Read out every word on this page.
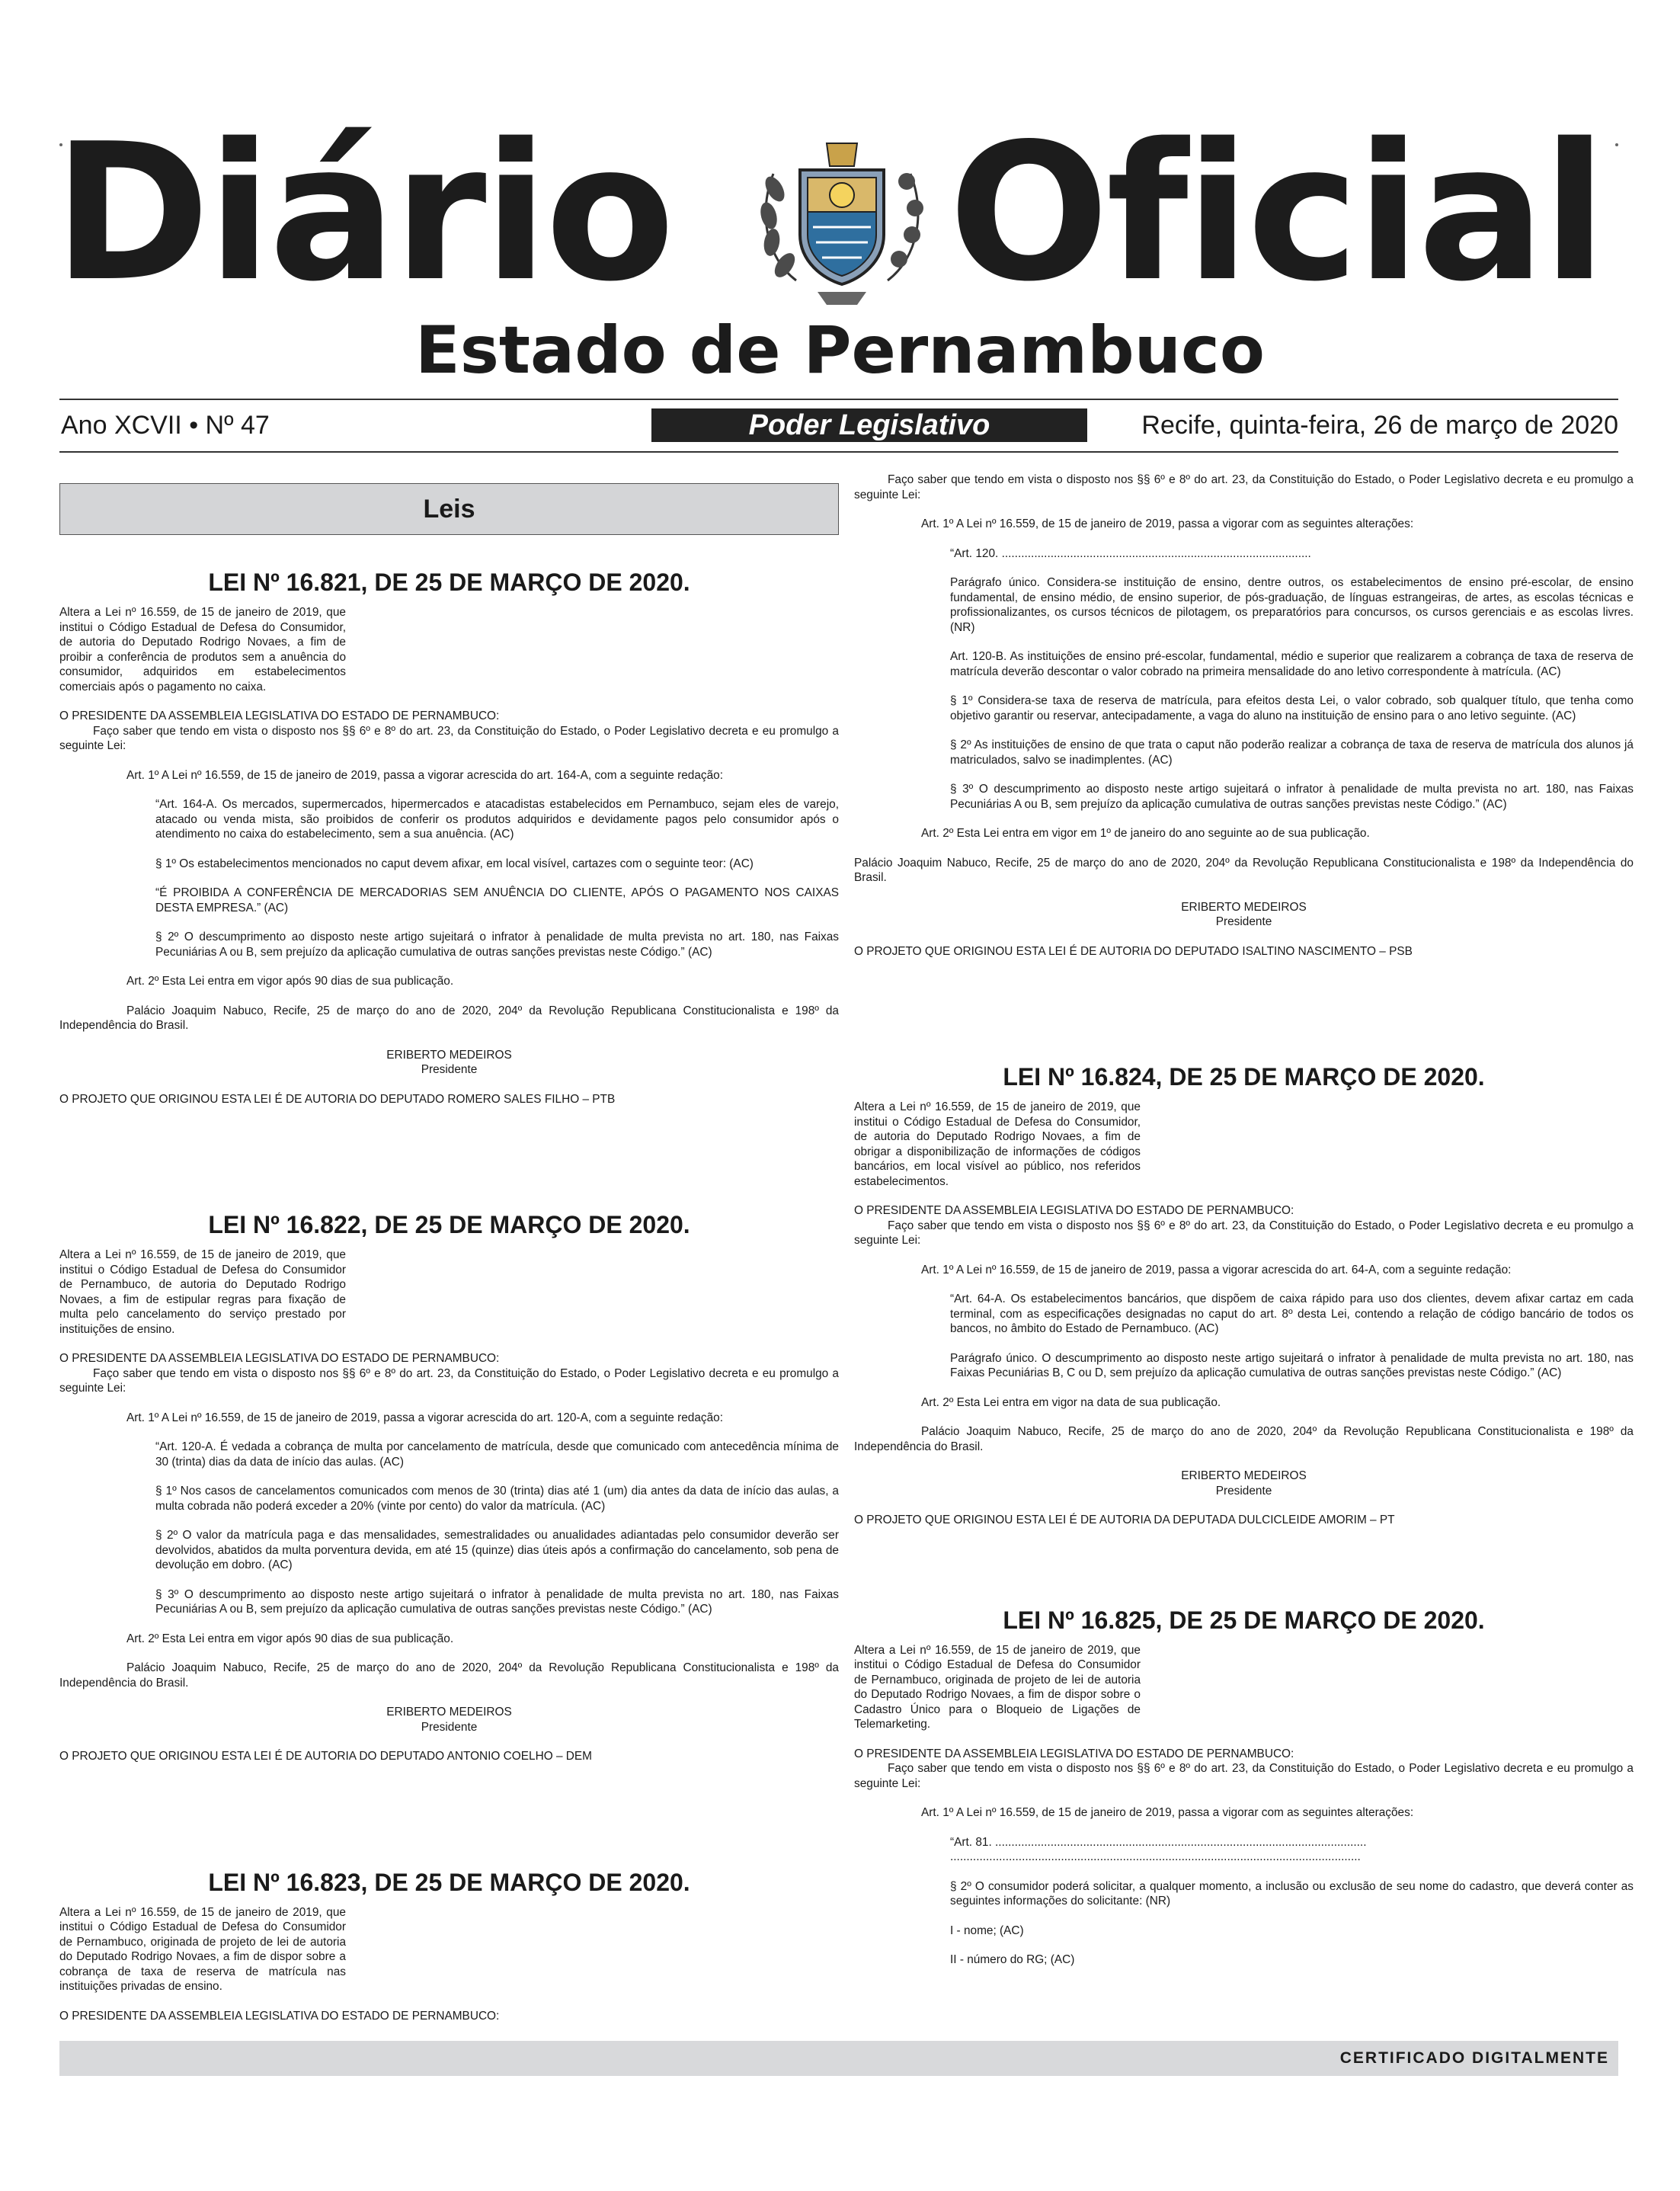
Diário Oficial
Estado de Pernambuco
Ano XCVII • Nº 47	Poder Legislativo	Recife, quinta-feira, 26 de março de 2020
Leis
LEI Nº 16.821, DE 25 DE MARÇO DE 2020.

Altera a Lei nº 16.559, de 15 de janeiro de 2019, que institui o Código Estadual de Defesa do Consumidor, de autoria do Deputado Rodrigo Novaes, a fim de proibir a conferência de produtos sem a anuência do consumidor, adquiridos em estabelecimentos comerciais após o pagamento no caixa.

O PRESIDENTE DA ASSEMBLEIA LEGISLATIVA DO ESTADO DE PERNAMBUCO:

Faço saber que tendo em vista o disposto nos §§ 6º e 8º do art. 23, da Constituição do Estado, o Poder Legislativo decreta e eu promulgo a seguinte Lei:

Art. 1º A Lei nº 16.559, de 15 de janeiro de 2019, passa a vigorar acrescida do art. 164-A, com a seguinte redação:

“Art. 164-A. Os mercados, supermercados, hipermercados e atacadistas estabelecidos em Pernambuco, sejam eles de varejo, atacado ou venda mista, são proibidos de conferir os produtos adquiridos e devidamente pagos pelo consumidor após o atendimento no caixa do estabelecimento, sem a sua anuência. (AC)

§ 1º Os estabelecimentos mencionados no caput devem afixar, em local visível, cartazes com o seguinte teor: (AC)

“É PROIBIDA A CONFERÊNCIA DE MERCADORIAS SEM ANUÊNCIA DO CLIENTE, APÓS O PAGAMENTO NOS CAIXAS DESTA EMPRESA.” (AC)

§ 2º O descumprimento ao disposto neste artigo sujeitará o infrator à penalidade de multa prevista no art. 180, nas Faixas Pecuniárias A ou B, sem prejuízo da aplicação cumulativa de outras sanções previstas neste Código.” (AC)

Art. 2º Esta Lei entra em vigor após 90 dias de sua publicação.

Palácio Joaquim Nabuco, Recife, 25 de março do ano de 2020, 204º da Revolução Republicana Constitucionalista e 198º da Independência do Brasil.

ERIBERTO MEDEIROS

Presidente

O PROJETO QUE ORIGINOU ESTA LEI É DE AUTORIA DO DEPUTADO ROMERO SALES FILHO – PTB

LEI Nº 16.822, DE 25 DE MARÇO DE 2020.

Altera a Lei nº 16.559, de 15 de janeiro de 2019, que institui o Código Estadual de Defesa do Consumidor de Pernambuco, de autoria do Deputado Rodrigo Novaes, a fim de estipular regras para fixação de multa pelo cancelamento do serviço prestado por instituições de ensino.

O PRESIDENTE DA ASSEMBLEIA LEGISLATIVA DO ESTADO DE PERNAMBUCO:

Faço saber que tendo em vista o disposto nos §§ 6º e 8º do art. 23, da Constituição do Estado, o Poder Legislativo decreta e eu promulgo a seguinte Lei:

Art. 1º A Lei nº 16.559, de 15 de janeiro de 2019, passa a vigorar acrescida do art. 120-A, com a seguinte redação:

“Art. 120-A. É vedada a cobrança de multa por cancelamento de matrícula, desde que comunicado com antecedência mínima de 30 (trinta) dias da data de início das aulas. (AC)

§ 1º Nos casos de cancelamentos comunicados com menos de 30 (trinta) dias até 1 (um) dia antes da data de início das aulas, a multa cobrada não poderá exceder a 20% (vinte por cento) do valor da matrícula. (AC)

§ 2º O valor da matrícula paga e das mensalidades, semestralidades ou anualidades adiantadas pelo consumidor deverão ser devolvidos, abatidos da multa porventura devida, em até 15 (quinze) dias úteis após a confirmação do cancelamento, sob pena de devolução em dobro. (AC)

§ 3º O descumprimento ao disposto neste artigo sujeitará o infrator à penalidade de multa prevista no art. 180, nas Faixas Pecuniárias A ou B, sem prejuízo da aplicação cumulativa de outras sanções previstas neste Código.” (AC)

Art. 2º Esta Lei entra em vigor após 90 dias de sua publicação.

Palácio Joaquim Nabuco, Recife, 25 de março do ano de 2020, 204º da Revolução Republicana Constitucionalista e 198º da Independência do Brasil.

ERIBERTO MEDEIROS

Presidente

O PROJETO QUE ORIGINOU ESTA LEI É DE AUTORIA DO DEPUTADO ANTONIO COELHO – DEM

LEI Nº 16.823, DE 25 DE MARÇO DE 2020.

Altera a Lei nº 16.559, de 15 de janeiro de 2019, que institui o Código Estadual de Defesa do Consumidor de Pernambuco, originada de projeto de lei de autoria do Deputado Rodrigo Novaes, a fim de dispor sobre a cobrança de taxa de reserva de matrícula nas instituições privadas de ensino.

O PRESIDENTE DA ASSEMBLEIA LEGISLATIVA DO ESTADO DE PERNAMBUCO:

Faço saber que tendo em vista o disposto nos §§ 6º e 8º do art. 23, da Constituição do Estado, o Poder Legislativo decreta e eu promulgo a seguinte Lei:

Art. 1º A Lei nº 16.559, de 15 de janeiro de 2019, passa a vigorar com as seguintes alterações:

“Art. 120. ...............................................................................................

Parágrafo único. Considera-se instituição de ensino, dentre outros, os estabelecimentos de ensino pré-escolar, de ensino fundamental, de ensino médio, de ensino superior, de pós-graduação, de línguas estrangeiras, de artes, as escolas técnicas e profissionalizantes, os cursos técnicos de pilotagem, os preparatórios para concursos, os cursos gerenciais e as escolas livres. (NR)

Art. 120-B. As instituições de ensino pré-escolar, fundamental, médio e superior que realizarem a cobrança de taxa de reserva de matrícula deverão descontar o valor cobrado na primeira mensalidade do ano letivo correspondente à matrícula. (AC)

§ 1º Considera-se taxa de reserva de matrícula, para efeitos desta Lei, o valor cobrado, sob qualquer título, que tenha como objetivo garantir ou reservar, antecipadamente, a vaga do aluno na instituição de ensino para o ano letivo seguinte. (AC)

§ 2º As instituições de ensino de que trata o caput não poderão realizar a cobrança de taxa de reserva de matrícula dos alunos já matriculados, salvo se inadimplentes. (AC)

§ 3º O descumprimento ao disposto neste artigo sujeitará o infrator à penalidade de multa prevista no art. 180, nas Faixas Pecuniárias A ou B, sem prejuízo da aplicação cumulativa de outras sanções previstas neste Código.” (AC)

Art. 2º Esta Lei entra em vigor em 1º de janeiro do ano seguinte ao de sua publicação.

Palácio Joaquim Nabuco, Recife, 25 de março do ano de 2020, 204º da Revolução Republicana Constitucionalista e 198º da Independência do Brasil.

ERIBERTO MEDEIROS

Presidente

O PROJETO QUE ORIGINOU ESTA LEI É DE AUTORIA DO DEPUTADO ISALTINO NASCIMENTO – PSB

LEI Nº 16.824, DE 25 DE MARÇO DE 2020.

Altera a Lei nº 16.559, de 15 de janeiro de 2019, que institui o Código Estadual de Defesa do Consumidor, de autoria do Deputado Rodrigo Novaes, a fim de obrigar a disponibilização de informações de códigos bancários, em local visível ao público, nos referidos estabelecimentos.

O PRESIDENTE DA ASSEMBLEIA LEGISLATIVA DO ESTADO DE PERNAMBUCO:

Faço saber que tendo em vista o disposto nos §§ 6º e 8º do art. 23, da Constituição do Estado, o Poder Legislativo decreta e eu promulgo a seguinte Lei:

Art. 1º A Lei nº 16.559, de 15 de janeiro de 2019, passa a vigorar acrescida do art. 64-A, com a seguinte redação:

“Art. 64-A. Os estabelecimentos bancários, que dispõem de caixa rápido para uso dos clientes, devem afixar cartaz em cada terminal, com as especificações designadas no caput do art. 8º desta Lei, contendo a relação de código bancário de todos os bancos, no âmbito do Estado de Pernambuco. (AC)

Parágrafo único. O descumprimento ao disposto neste artigo sujeitará o infrator à penalidade de multa prevista no art. 180, nas Faixas Pecuniárias B, C ou D, sem prejuízo da aplicação cumulativa de outras sanções previstas neste Código.” (AC)

Art. 2º Esta Lei entra em vigor na data de sua publicação.

Palácio Joaquim Nabuco, Recife, 25 de março do ano de 2020, 204º da Revolução Republicana Constitucionalista e 198º da Independência do Brasil.

ERIBERTO MEDEIROS

Presidente

O PROJETO QUE ORIGINOU ESTA LEI É DE AUTORIA DA DEPUTADA DULCICLEIDE AMORIM – PT

LEI Nº 16.825, DE 25 DE MARÇO DE 2020.

Altera a Lei nº 16.559, de 15 de janeiro de 2019, que institui o Código Estadual de Defesa do Consumidor de Pernambuco, originada de projeto de lei de autoria do Deputado Rodrigo Novaes, a fim de dispor sobre o Cadastro Único para o Bloqueio de Ligações de Telemarketing.

O PRESIDENTE DA ASSEMBLEIA LEGISLATIVA DO ESTADO DE PERNAMBUCO:

Faço saber que tendo em vista o disposto nos §§ 6º e 8º do art. 23, da Constituição do Estado, o Poder Legislativo decreta e eu promulgo a seguinte Lei:

Art. 1º A Lei nº 16.559, de 15 de janeiro de 2019, passa a vigorar com as seguintes alterações:

“Art. 81. ..................................................................................................................

..............................................................................................................................

§ 2º O consumidor poderá solicitar, a qualquer momento, a inclusão ou exclusão de seu nome do cadastro, que deverá conter as seguintes informações do solicitante: (NR)

I - nome; (AC)

II - número do RG; (AC)

CERTIFICADO DIGITALMENTE
